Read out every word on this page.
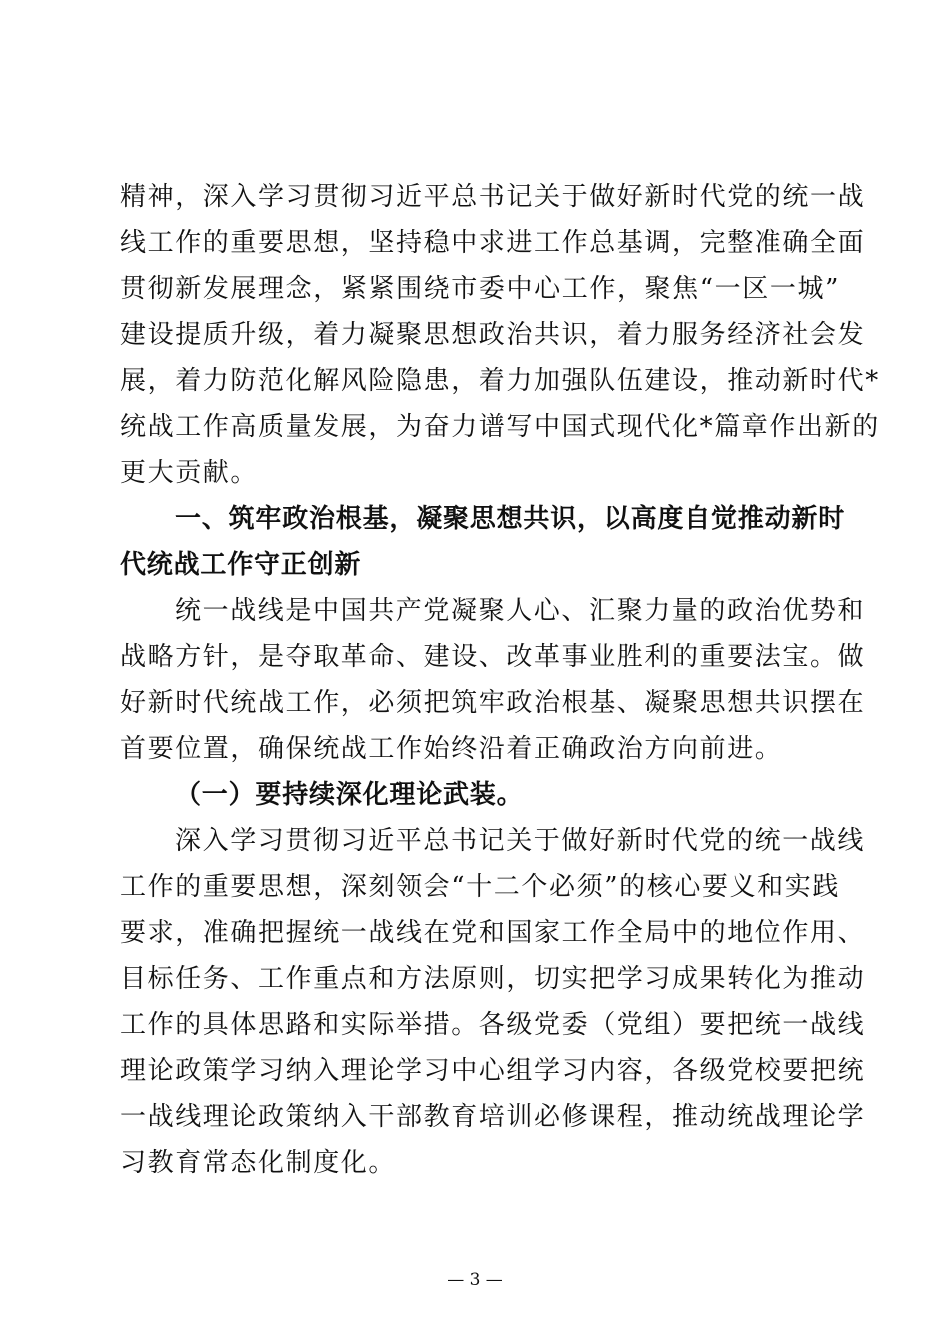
精神，深入学习贯彻习近平总书记关于做好新时代党的统一战
线工作的重要思想，坚持稳中求进工作总基调，完整准确全面
贯彻新发展理念，紧紧围绕市委中心工作，聚焦“一区一城”
建设提质升级，着力凝聚思想政治共识，着力服务经济社会发
展，着力防范化解风险隐患，着力加强队伍建设，推动新时代*
统战工作高质量发展，为奋力谱写中国式现代化*篇章作出新的
更大贡献。
一、筑牢政治根基，凝聚思想共识，以高度自觉推动新时
代统战工作守正创新
统一战线是中国共产党凝聚人心、汇聚力量的政治优势和
战略方针，是夺取革命、建设、改革事业胜利的重要法宝。做
好新时代统战工作，必须把筑牢政治根基、凝聚思想共识摆在
首要位置，确保统战工作始终沿着正确政治方向前进。
（一）要持续深化理论武装。
深入学习贯彻习近平总书记关于做好新时代党的统一战线
工作的重要思想，深刻领会“十二个必须”的核心要义和实践
要求，准确把握统一战线在党和国家工作全局中的地位作用、
目标任务、工作重点和方法原则，切实把学习成果转化为推动
工作的具体思路和实际举措。各级党委（党组）要把统一战线
理论政策学习纳入理论学习中心组学习内容，各级党校要把统
一战线理论政策纳入干部教育培训必修课程，推动统战理论学
习教育常态化制度化。
— 3 —
